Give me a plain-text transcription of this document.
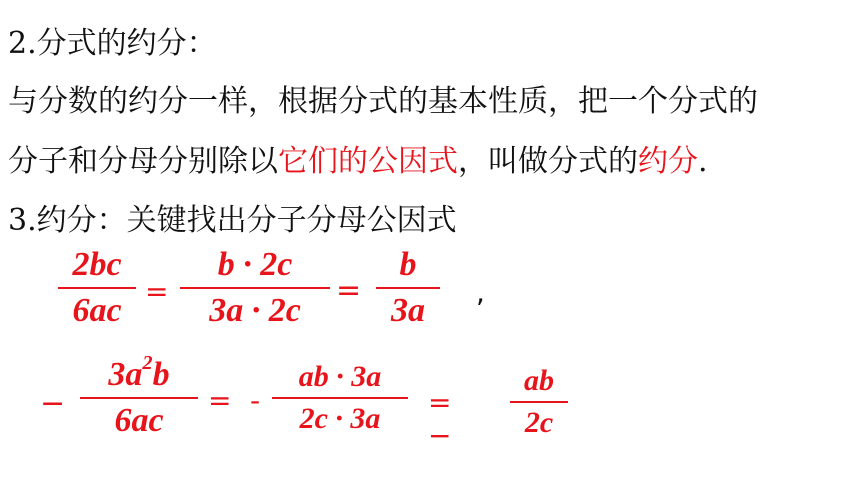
2.分式的约分：
与分数的约分一样，根据分式的基本性质，把一个分式的
分子和分母分别除以它们的公因式，叫做分式的约分.
3.约分：关键找出分子分母公因式
2bc
6ac
=
b · 2c
3a · 2c
=
b
3a	,
−
$3a^2b$
6ac
= -
ab · 3a
2c · 3a	= −
ab
2c
